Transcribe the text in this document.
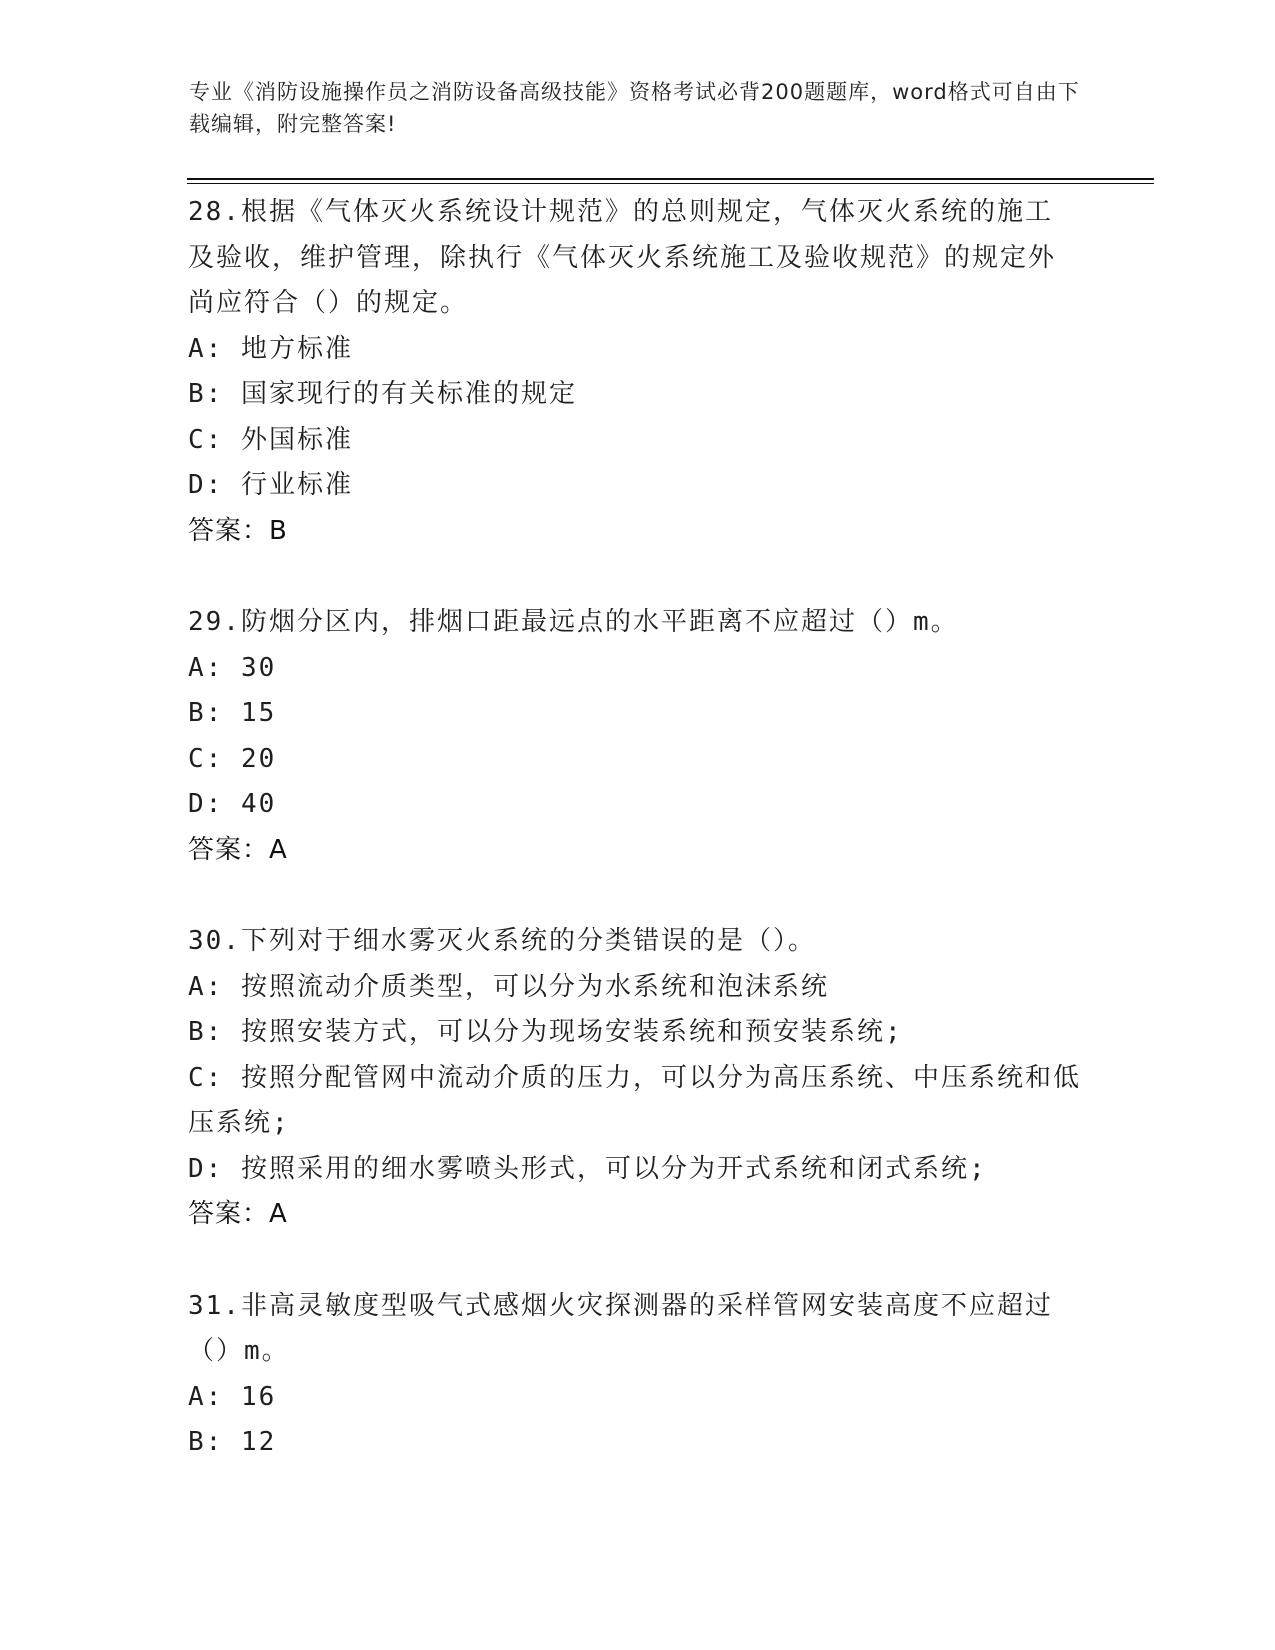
专业《消防设施操作员之消防设备高级技能》资格考试必背200题题库，word格式可自由下载编辑，附完整答案!
28.根据《气体灭火系统设计规范》的总则规定，气体灭火系统的施工及验收，维护管理，除执行《气体灭火系统施工及验收规范》的规定外尚应符合（）的规定。
A: 地方标准
B: 国家现行的有关标准的规定
C: 外国标准
D: 行业标准
答案：B
29.防烟分区内，排烟口距最远点的水平距离不应超过（）m。
A: 30
B: 15
C: 20
D: 40
答案：A
30.下列对于细水雾灭火系统的分类错误的是（）。
A: 按照流动介质类型，可以分为水系统和泡沫系统
B: 按照安装方式，可以分为现场安装系统和预安装系统;
C: 按照分配管网中流动介质的压力，可以分为高压系统、中压系统和低压系统;
D: 按照采用的细水雾喷头形式，可以分为开式系统和闭式系统;
答案：A
31.非高灵敏度型吸气式感烟火灾探测器的采样管网安装高度不应超过（）m。
A: 16
B: 12
